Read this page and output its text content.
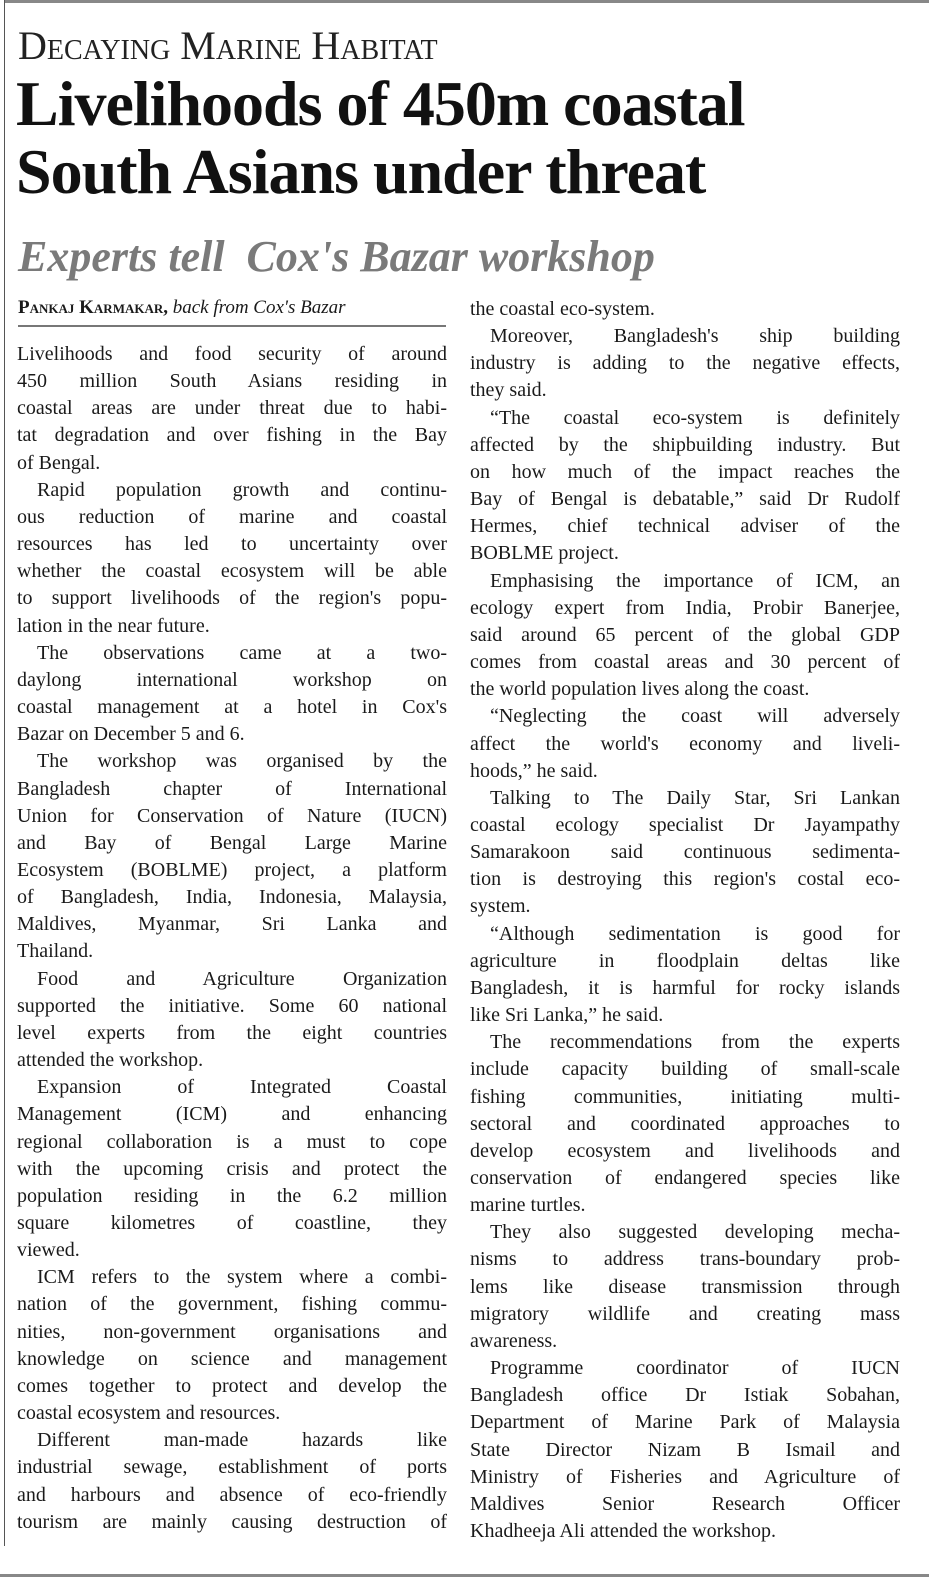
Decaying Marine Habitat
Livelihoods of 450m coastal
South Asians under threat
Experts tell  Cox's Bazar workshop
Pankaj Karmakar, back from Cox's Bazar
Livelihoods and food security of around
450 million South Asians residing in
coastal areas are under threat due to habi-
tat degradation and over fishing in the Bay
of Bengal.
Rapid population growth and continu-
ous reduction of marine and coastal
resources has led to uncertainty over
whether the coastal ecosystem will be able
to support livelihoods of the region's popu-
lation in the near future.
The observations came at a two-
daylong international workshop on
coastal management at a hotel in Cox's
Bazar on December 5 and 6.
The workshop was organised by the
Bangladesh chapter of International
Union for Conservation of Nature (IUCN)
and Bay of Bengal Large Marine
Ecosystem (BOBLME) project, a platform
of Bangladesh, India, Indonesia, Malaysia,
Maldives, Myanmar, Sri Lanka and
Thailand.
Food and Agriculture Organization
supported the initiative. Some 60 national
level experts from the eight countries
attended the workshop.
Expansion of Integrated Coastal
Management (ICM) and enhancing
regional collaboration is a must to cope
with the upcoming crisis and protect the
population residing in the 6.2 million
square kilometres of coastline, they
viewed.
ICM refers to the system where a combi-
nation of the government, fishing commu-
nities, non-government organisations and
knowledge on science and management
comes together to protect and develop the
coastal ecosystem and resources.
Different man-made hazards like
industrial sewage, establishment of ports
and harbours and absence of eco-friendly
tourism are mainly causing destruction of
the coastal eco-system.
Moreover, Bangladesh's ship building
industry is adding to the negative effects,
they said.
“The coastal eco-system is definitely
affected by the shipbuilding industry. But
on how much of the impact reaches the
Bay of Bengal is debatable,” said Dr Rudolf
Hermes, chief technical adviser of the
BOBLME project.
Emphasising the importance of ICM, an
ecology expert from India, Probir Banerjee,
said around 65 percent of the global GDP
comes from coastal areas and 30 percent of
the world population lives along the coast.
“Neglecting the coast will adversely
affect the world's economy and liveli-
hoods,” he said.
Talking to The Daily Star, Sri Lankan
coastal ecology specialist Dr Jayampathy
Samarakoon said continuous sedimenta-
tion is destroying this region's costal eco-
system.
“Although sedimentation is good for
agriculture in floodplain deltas like
Bangladesh, it is harmful for rocky islands
like Sri Lanka,” he said.
The recommendations from the experts
include capacity building of small-scale
fishing communities, initiating multi-
sectoral and coordinated approaches to
develop ecosystem and livelihoods and
conservation of endangered species like
marine turtles.
They also suggested developing mecha-
nisms to address trans-boundary prob-
lems like disease transmission through
migratory wildlife and creating mass
awareness.
Programme coordinator of IUCN
Bangladesh office Dr Istiak Sobahan,
Department of Marine Park of Malaysia
State Director Nizam B Ismail and
Ministry of Fisheries and Agriculture of
Maldives Senior Research Officer
Khadheeja Ali attended the workshop.
